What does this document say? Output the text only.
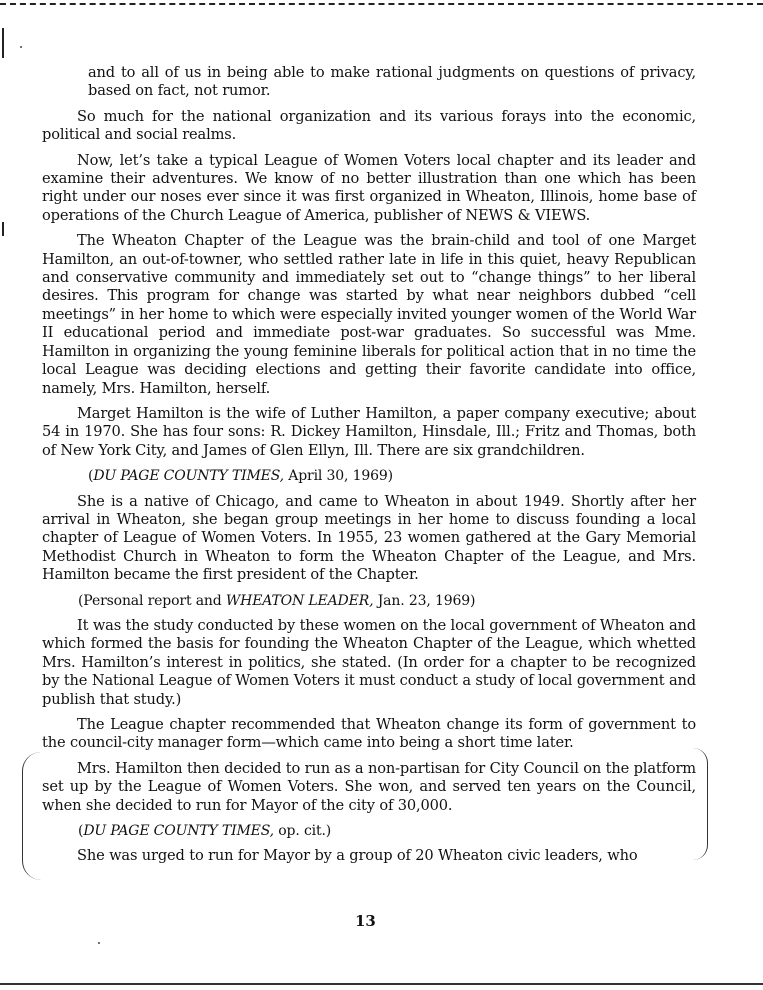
and to all of us in being able to make rational judgments on questions of privacy, based on fact, not rumor.

So much for the national organization and its various forays into the economic, political and social realms.

Now, let’s take a typical League of Women Voters local chapter and its leader and examine their adventures. We know of no better illustration than one which has been right under our noses ever since it was first organized in Wheaton, Illinois, home base of operations of the Church League of America, publisher of NEWS & VIEWS.

The Wheaton Chapter of the League was the brain-child and tool of one Marget Hamilton, an out-of-towner, who settled rather late in life in this quiet, heavy Republican and conservative community and immediately set out to “change things” to her liberal desires. This program for change was started by what near neighbors dubbed “cell meetings” in her home to which were especially invited younger women of the World War II educational period and immediate post-war graduates. So successful was Mme. Hamilton in organizing the young feminine liberals for political action that in no time the local League was deciding elections and getting their favorite candidate into office, namely, Mrs. Hamilton, herself.

Marget Hamilton is the wife of Luther Hamilton, a paper company executive; about 54 in 1970. She has four sons: R. Dickey Hamilton, Hinsdale, Ill.; Fritz and Thomas, both of New York City, and James of Glen Ellyn, Ill. There are six grandchildren.

(DU PAGE COUNTY TIMES, April 30, 1969)

She is a native of Chicago, and came to Wheaton in about 1949. Shortly after her arrival in Wheaton, she began group meetings in her home to discuss founding a local chapter of League of Women Voters. In 1955, 23 women gathered at the Gary Memorial Methodist Church in Wheaton to form the Wheaton Chapter of the League, and Mrs. Hamilton became the first president of the Chapter.

(Personal report and WHEATON LEADER, Jan. 23, 1969)

It was the study conducted by these women on the local government of Wheaton and which formed the basis for founding the Wheaton Chapter of the League, which whetted Mrs. Hamilton’s interest in politics, she stated. (In order for a chapter to be recognized by the National League of Women Voters it must conduct a study of local government and publish that study.)

The League chapter recommended that Wheaton change its form of government to the council-city manager form—which came into being a short time later.

Mrs. Hamilton then decided to run as a non-partisan for City Council on the platform set up by the League of Women Voters. She won, and served ten years on the Council, when she decided to run for Mayor of the city of 30,000.

(DU PAGE COUNTY TIMES, op. cit.)

She was urged to run for Mayor by a group of 20 Wheaton civic leaders, who

13
